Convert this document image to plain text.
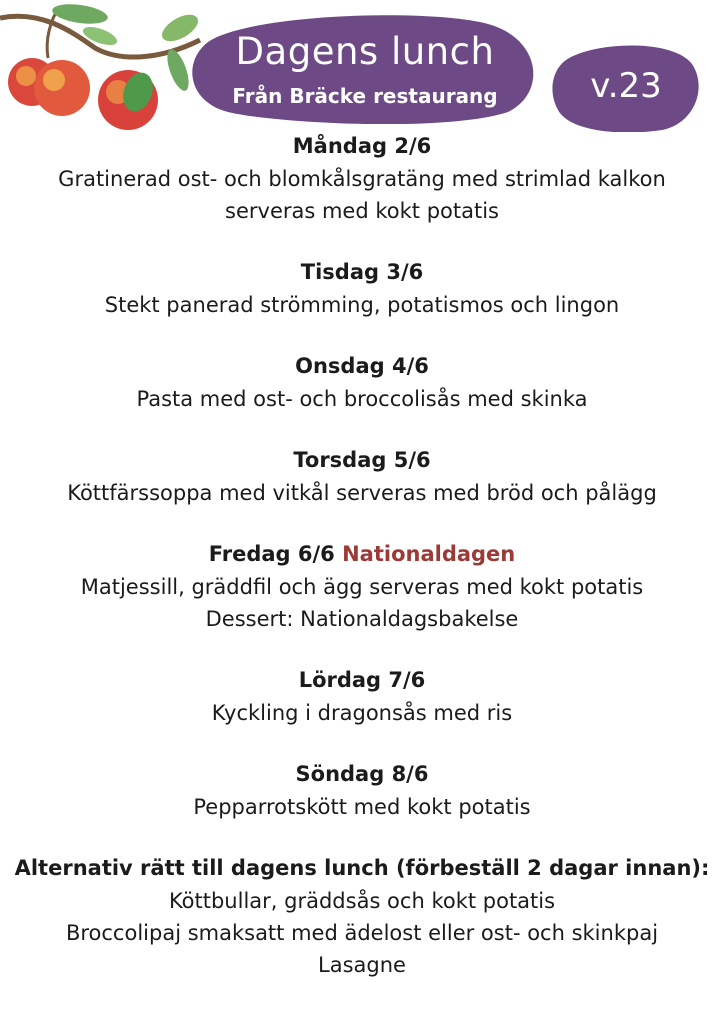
Dagens lunch
Från Bräcke restaurang	v.23
Måndag 2/6
Gratinerad ost- och blomkålsgratäng med strimlad kalkon
serveras med kokt potatis
Tisdag 3/6
Stekt panerad strömming, potatismos och lingon
Onsdag 4/6
Pasta med ost- och broccolisås med skinka
Torsdag 5/6
Köttfärssoppa med vitkål serveras med bröd och pålägg
Fredag 6/6 Nationaldagen
Matjessill, gräddfil och ägg serveras med kokt potatis
Dessert: Nationaldagsbakelse
Lördag 7/6
Kyckling i dragonsås med ris
Söndag 8/6
Pepparrotskött med kokt potatis
Alternativ rätt till dagens lunch (förbeställ 2 dagar innan):
Köttbullar, gräddsås och kokt potatis
Broccolipaj smaksatt med ädelost eller ost- och skinkpaj
Lasagne
